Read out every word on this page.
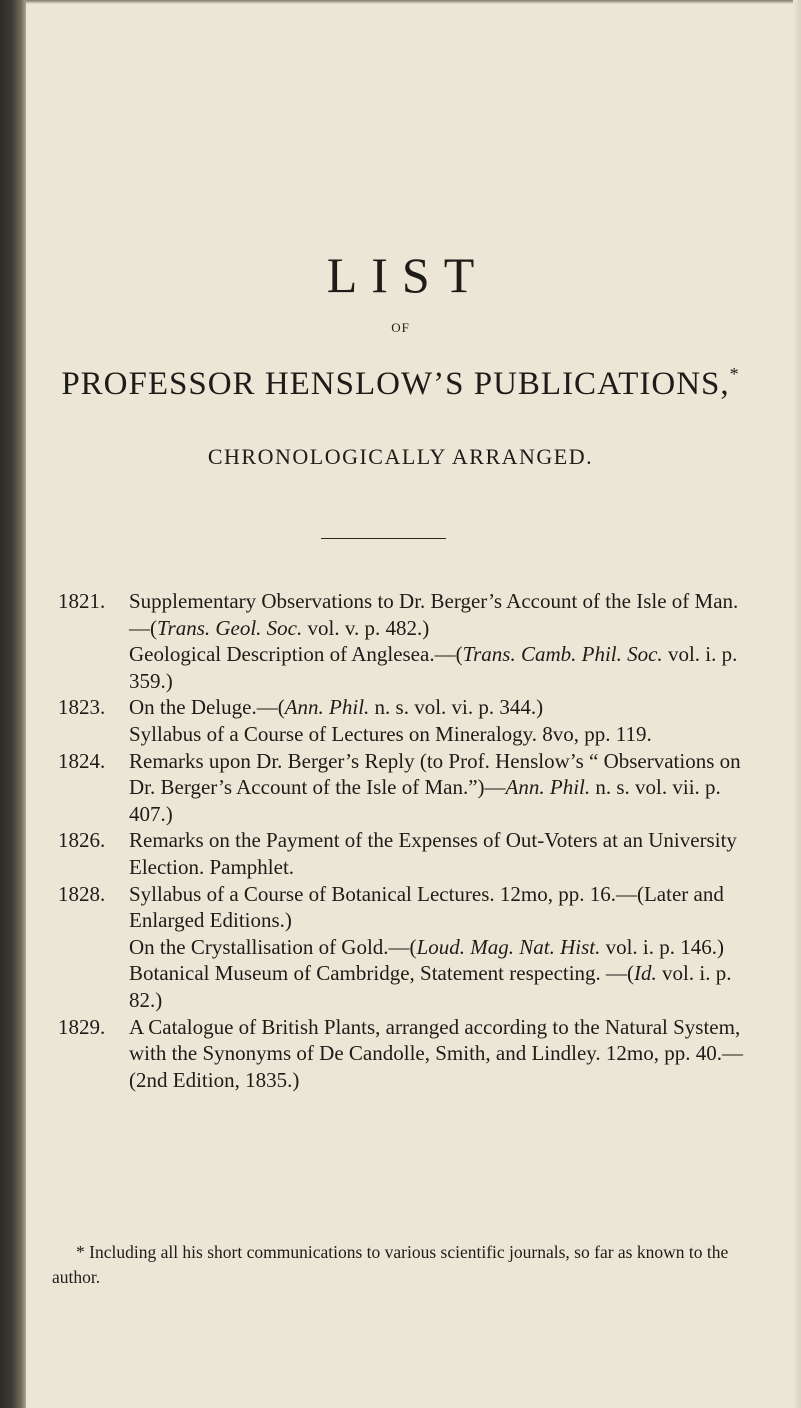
LIST
OF
PROFESSOR HENSLOW’S PUBLICATIONS,*
CHRONOLOGICALLY ARRANGED.
1821. Supplementary Observations to Dr. Berger’s Account of the Isle of Man.—(Trans. Geol. Soc. vol. v. p. 482.)
Geological Description of Anglesea.—(Trans. Camb. Phil. Soc. vol. i. p. 359.)
1823. On the Deluge.—(Ann. Phil. n. s. vol. vi. p. 344.)
Syllabus of a Course of Lectures on Mineralogy. 8vo, pp. 119.
1824. Remarks upon Dr. Berger’s Reply (to Prof. Henslow’s “ Observations on Dr. Berger’s Account of the Isle of Man.”)—Ann. Phil. n. s. vol. vii. p. 407.)
1826. Remarks on the Payment of the Expenses of Out-Voters at an University Election. Pamphlet.
1828. Syllabus of a Course of Botanical Lectures. 12mo, pp. 16.—(Later and Enlarged Editions.)
On the Crystallisation of Gold.—(Loud. Mag. Nat. Hist. vol. i. p. 146.)
Botanical Museum of Cambridge, Statement respecting. —(Id. vol. i. p. 82.)
1829. A Catalogue of British Plants, arranged according to the Natural System, with the Synonyms of De Candolle, Smith, and Lindley. 12mo, pp. 40.—(2nd Edition, 1835.)
* Including all his short communications to various scientific journals, so far as known to the author.
